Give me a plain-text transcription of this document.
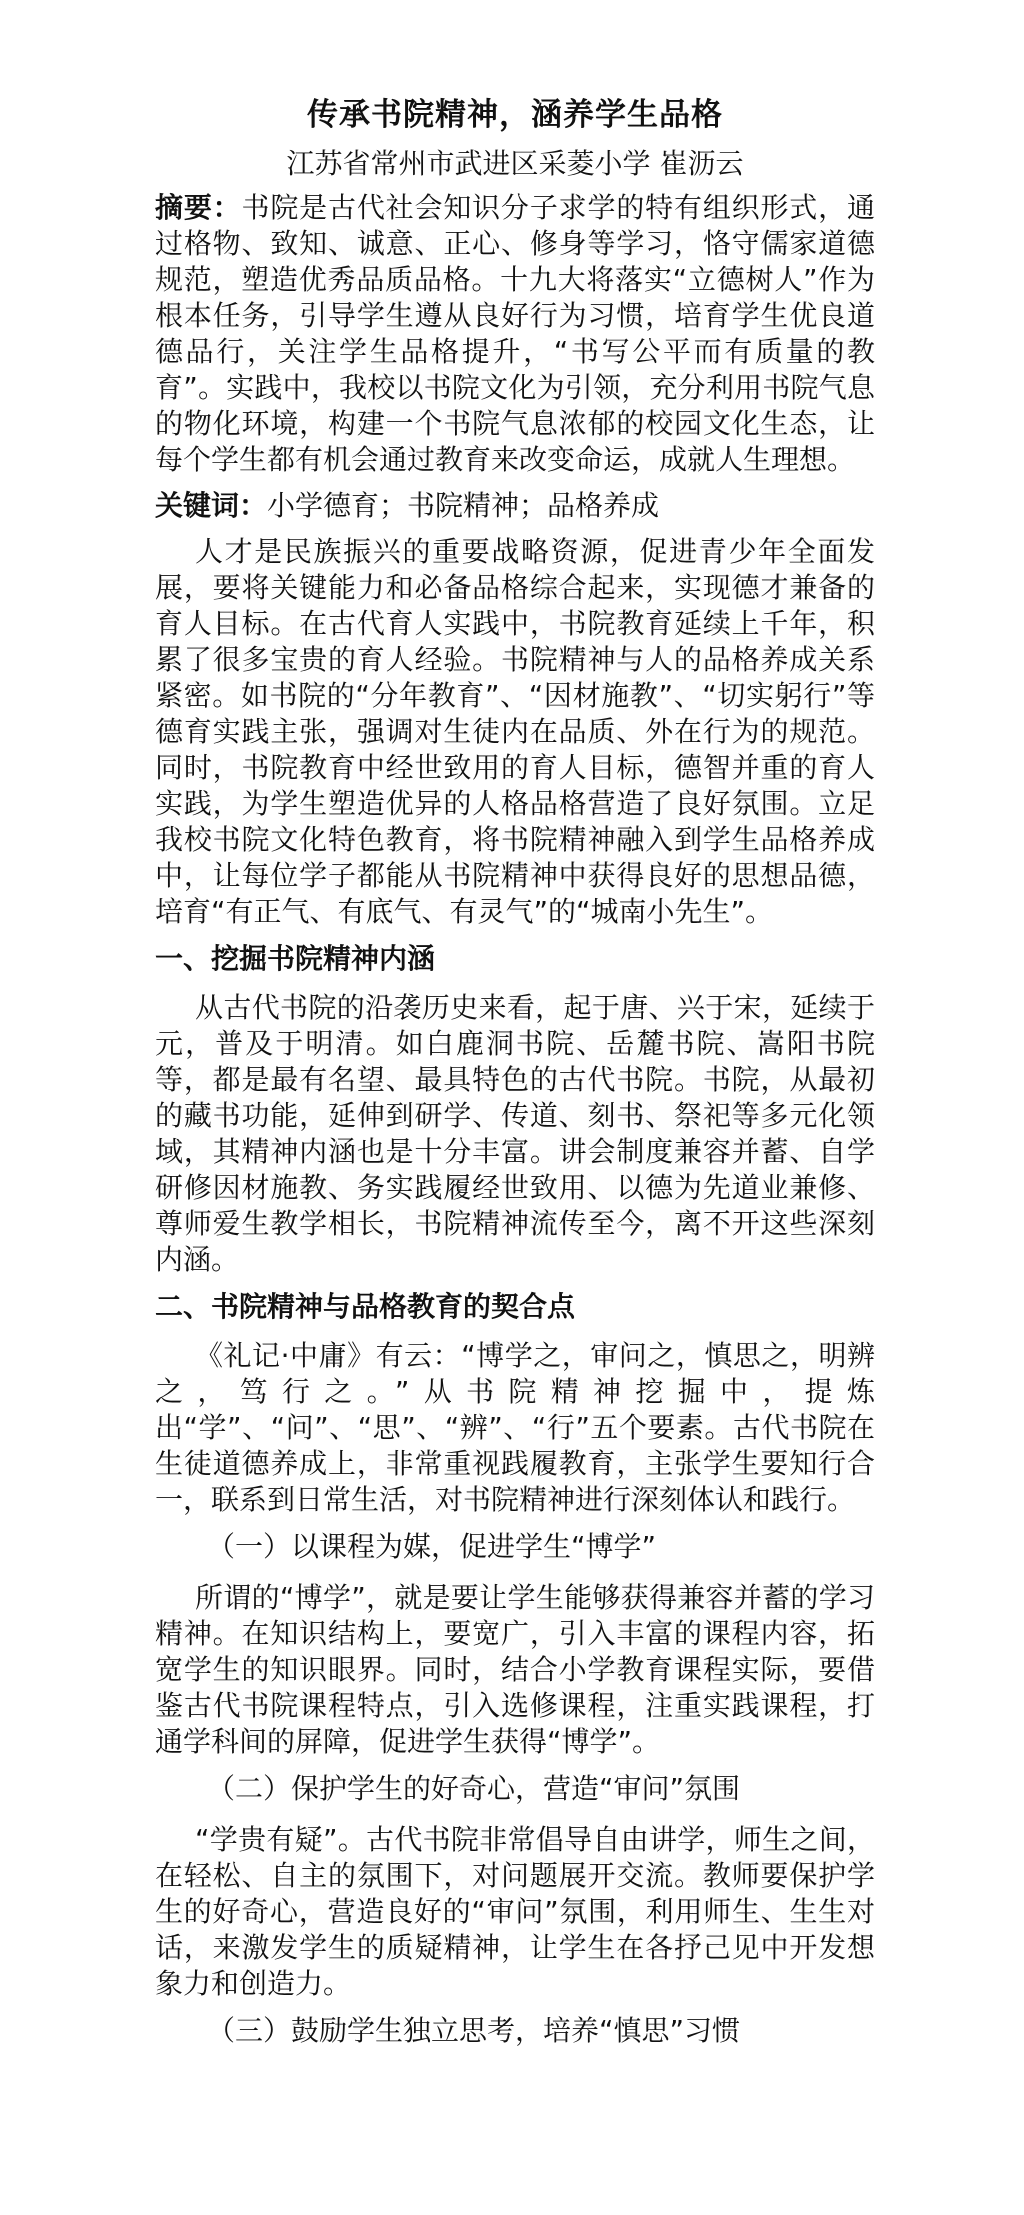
传承书院精神，涵养学生品格
江苏省常州市武进区采菱小学 崔沥云
摘要：书院是古代社会知识分子求学的特有组织形式，通过格物、致知、诚意、正心、修身等学习，恪守儒家道德规范，塑造优秀品质品格。十九大将落实“立德树人”作为根本任务，引导学生遵从良好行为习惯，培育学生优良道德品行，关注学生品格提升，“书写公平而有质量的教育”。实践中，我校以书院文化为引领，充分利用书院气息的物化环境，构建一个书院气息浓郁的校园文化生态，让每个学生都有机会通过教育来改变命运，成就人生理想。
关键词：小学德育；书院精神；品格养成
人才是民族振兴的重要战略资源，促进青少年全面发展，要将关键能力和必备品格综合起来，实现德才兼备的育人目标。在古代育人实践中，书院教育延续上千年，积累了很多宝贵的育人经验。书院精神与人的品格养成关系紧密。如书院的“分年教育”、“因材施教”、“切实躬行”等德育实践主张，强调对生徒内在品质、外在行为的规范。同时，书院教育中经世致用的育人目标，德智并重的育人实践，为学生塑造优异的人格品格营造了良好氛围。立足我校书院文化特色教育，将书院精神融入到学生品格养成中，让每位学子都能从书院精神中获得良好的思想品德，培育“有正气、有底气、有灵气”的“城南小先生”。
一、挖掘书院精神内涵
从古代书院的沿袭历史来看，起于唐、兴于宋，延续于元，普及于明清。如白鹿洞书院、岳麓书院、嵩阳书院等，都是最有名望、最具特色的古代书院。书院，从最初的藏书功能，延伸到研学、传道、刻书、祭祀等多元化领域，其精神内涵也是十分丰富。讲会制度兼容并蓄、自学研修因材施教、务实践履经世致用、以德为先道业兼修、尊师爱生教学相长，书院精神流传至今，离不开这些深刻内涵。
二、书院精神与品格教育的契合点
《礼记·中庸》有云：“博学之，审问之，慎思之，明辨之，笃行之。”从书院精神挖掘中，提炼出“学”、“问”、“思”、“辨”、“行”五个要素。古代书院在生徒道德养成上，非常重视践履教育，主张学生要知行合一，联系到日常生活，对书院精神进行深刻体认和践行。
（一）以课程为媒，促进学生“博学”
所谓的“博学”，就是要让学生能够获得兼容并蓄的学习精神。在知识结构上，要宽广，引入丰富的课程内容，拓宽学生的知识眼界。同时，结合小学教育课程实际，要借鉴古代书院课程特点，引入选修课程，注重实践课程，打通学科间的屏障，促进学生获得“博学”。
（二）保护学生的好奇心，营造“审问”氛围
“学贵有疑”。古代书院非常倡导自由讲学，师生之间，在轻松、自主的氛围下，对问题展开交流。教师要保护学生的好奇心，营造良好的“审问”氛围，利用师生、生生对话，来激发学生的质疑精神，让学生在各抒己见中开发想象力和创造力。
（三）鼓励学生独立思考，培养“慎思”习惯
